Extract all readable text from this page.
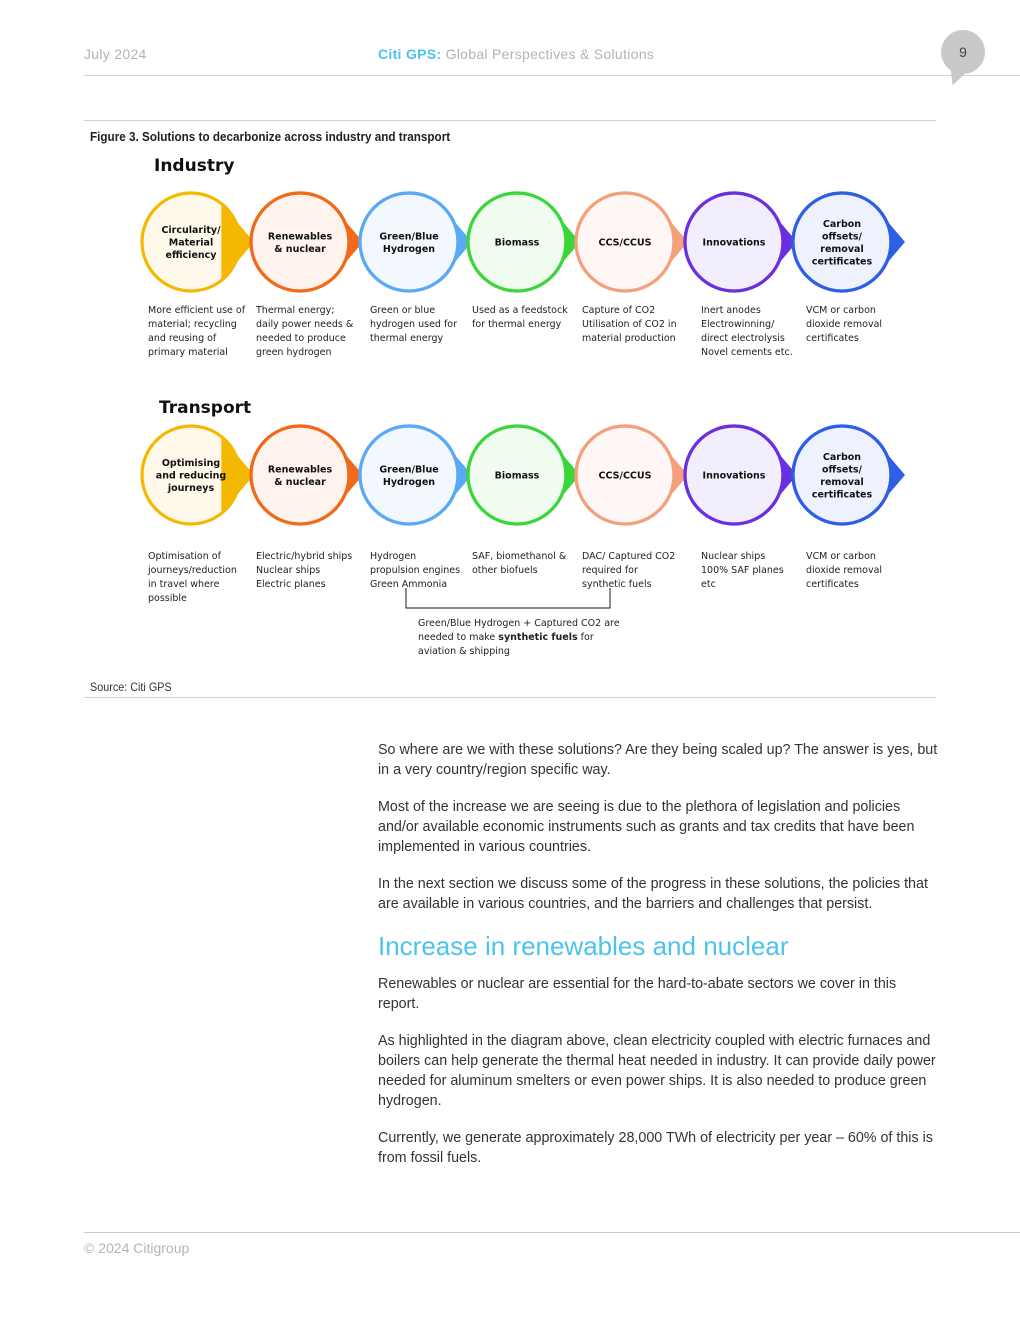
July 2024	Citi GPS: Global Perspectives & Solutions	9
Figure 3. Solutions to decarbonize across industry and transport
Industry
Circularity/
Material
efficiency
Renewables
& nuclear
Green/Blue
Hydrogen
Biomass	CCS/CCUS	Innovations
Carbon
offsets/
removal
certificates
More efficient use of
material; recycling
and reusing of
primary material
Thermal energy;
daily power needs &
needed to produce
green hydrogen
Green or blue
hydrogen used for
thermal energy
Used as a feedstock
for thermal energy
Capture of CO2
Utilisation of CO2 in
material production
Inert anodes
Electrowinning/
direct electrolysis
Novel cements etc.
VCM or carbon
dioxide removal
certificates
Transport
Optimising
and reducing
journeys
Renewables
& nuclear
Green/Blue
Hydrogen
Biomass	CCS/CCUS	Innovations
Carbon
offsets/
removal
certificates
Optimisation of
journeys/reduction
in travel where
possible
Electric/hybrid ships
Nuclear ships
Electric planes
Hydrogen
propulsion engines
Green Ammonia
SAF, biomethanol &
other biofuels
DAC/ Captured CO2
required for
synthetic fuels
Nuclear ships
100% SAF planes
etc
VCM or carbon
dioxide removal
certificates
Green/Blue Hydrogen + Captured CO2 are
needed to make synthetic fuels for
aviation & shipping
Source: Citi GPS

So where are we with these solutions? Are they being scaled up? The answer is yes, but in a very country/region specific way.

Most of the increase we are seeing is due to the plethora of legislation and policies and/or available economic instruments such as grants and tax credits that have been implemented in various countries.

In the next section we discuss some of the progress in these solutions, the policies that are available in various countries, and the barriers and challenges that persist.

Increase in renewables and nuclear

Renewables or nuclear are essential for the hard-to-abate sectors we cover in this report.

As highlighted in the diagram above, clean electricity coupled with electric furnaces and boilers can help generate the thermal heat needed in industry. It can provide daily power needed for aluminum smelters or even power ships. It is also needed to produce green hydrogen.

Currently, we generate approximately 28,000 TWh of electricity per year – 60% of this is from fossil fuels.

© 2024 Citigroup
